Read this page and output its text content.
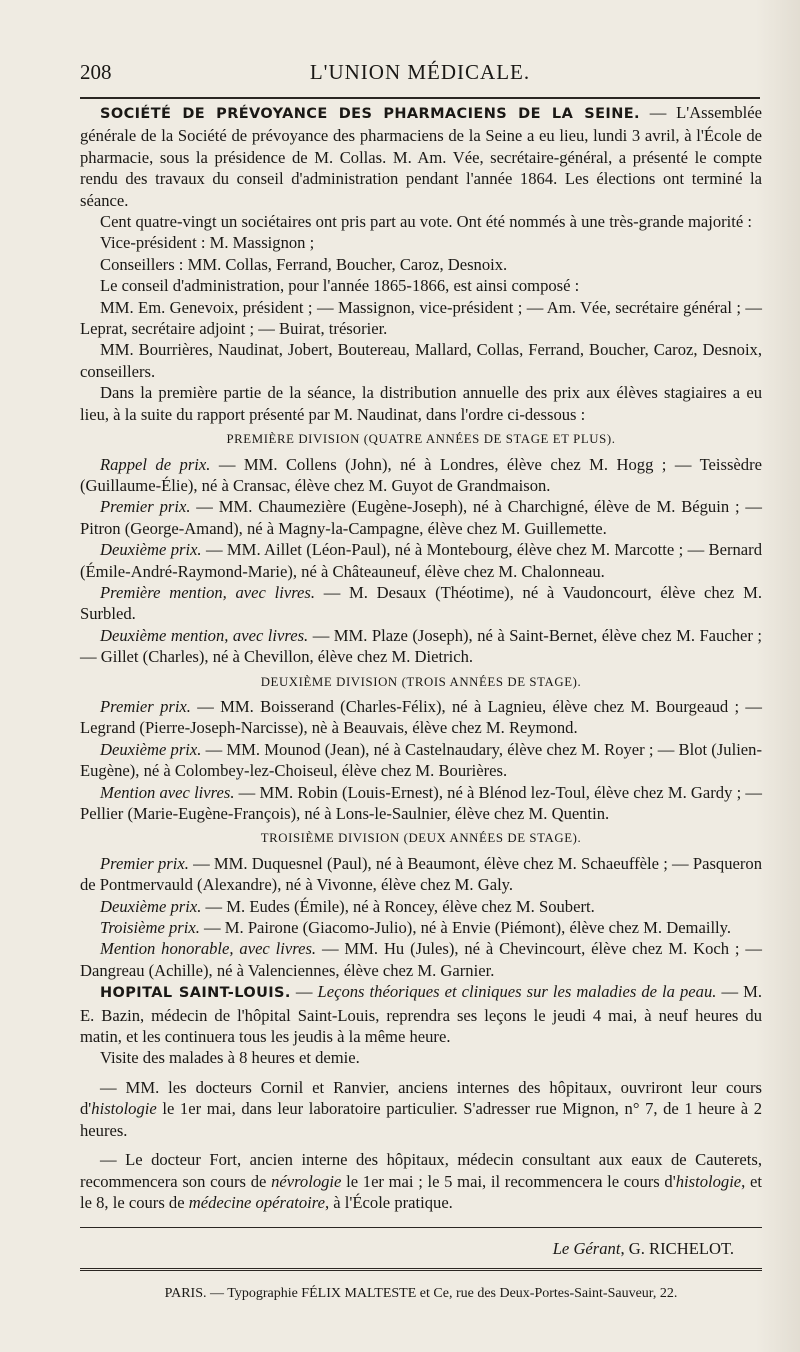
208	L'UNION MÉDICALE.

SOCIÉTÉ DE PRÉVOYANCE DES PHARMACIENS DE LA SEINE. — L'Assemblée générale de la Société de prévoyance des pharmaciens de la Seine a eu lieu, lundi 3 avril, à l'École de pharmacie, sous la présidence de M. Collas. M. Am. Vée, secrétaire-général, a présenté le compte rendu des travaux du conseil d'administration pendant l'année 1864. Les élections ont terminé la séance.

Cent quatre-vingt un sociétaires ont pris part au vote. Ont été nommés à une très-grande majorité :

Vice-président : M. Massignon ;

Conseillers : MM. Collas, Ferrand, Boucher, Caroz, Desnoix.

Le conseil d'administration, pour l'année 1865-1866, est ainsi composé :

MM. Em. Genevoix, président ; — Massignon, vice-président ; — Am. Vée, secrétaire général ; — Leprat, secrétaire adjoint ; — Buirat, trésorier.

MM. Bourrières, Naudinat, Jobert, Boutereau, Mallard, Collas, Ferrand, Boucher, Caroz, Desnoix, conseillers.

Dans la première partie de la séance, la distribution annuelle des prix aux élèves stagiaires a eu lieu, à la suite du rapport présenté par M. Naudinat, dans l'ordre ci-dessous :

PREMIÈRE DIVISION (QUATRE ANNÉES DE STAGE ET PLUS).

Rappel de prix. — MM. Collens (John), né à Londres, élève chez M. Hogg ; — Teissèdre (Guillaume-Élie), né à Cransac, élève chez M. Guyot de Grandmaison.

Premier prix. — MM. Chaumezière (Eugène-Joseph), né à Charchigné, élève de M. Béguin ; — Pitron (George-Amand), né à Magny-la-Campagne, élève chez M. Guillemette.

Deuxième prix. — MM. Aillet (Léon-Paul), né à Montebourg, élève chez M. Marcotte ; — Bernard (Émile-André-Raymond-Marie), né à Châteauneuf, élève chez M. Chalonneau.

Première mention, avec livres. — M. Desaux (Théotime), né à Vaudoncourt, élève chez M. Surbled.

Deuxième mention, avec livres. — MM. Plaze (Joseph), né à Saint-Bernet, élève chez M. Faucher ; — Gillet (Charles), né à Chevillon, élève chez M. Dietrich.

DEUXIÈME DIVISION (TROIS ANNÉES DE STAGE).

Premier prix. — MM. Boisserand (Charles-Félix), né à Lagnieu, élève chez M. Bourgeaud ; — Legrand (Pierre-Joseph-Narcisse), nè à Beauvais, élève chez M. Reymond.

Deuxième prix. — MM. Mounod (Jean), né à Castelnaudary, élève chez M. Royer ; — Blot (Julien-Eugène), né à Colombey-lez-Choiseul, élève chez M. Bourières.

Mention avec livres. — MM. Robin (Louis-Ernest), né à Blénod lez-Toul, élève chez M. Gardy ; — Pellier (Marie-Eugène-François), né à Lons-le-Saulnier, élève chez M. Quentin.

TROISIÈME DIVISION (DEUX ANNÉES DE STAGE).

Premier prix. — MM. Duquesnel (Paul), né à Beaumont, élève chez M. Schaeuffèle ; — Pasqueron de Pontmervauld (Alexandre), né à Vivonne, élève chez M. Galy.

Deuxième prix. — M. Eudes (Émile), né à Roncey, élève chez M. Soubert.

Troisième prix. — M. Pairone (Giacomo-Julio), né à Envie (Piémont), élève chez M. Demailly.

Mention honorable, avec livres. — MM. Hu (Jules), né à Chevincourt, élève chez M. Koch ; — Dangreau (Achille), né à Valenciennes, élève chez M. Garnier.

HOPITAL SAINT-LOUIS. — Leçons théoriques et cliniques sur les maladies de la peau. — M. E. Bazin, médecin de l'hôpital Saint-Louis, reprendra ses leçons le jeudi 4 mai, à neuf heures du matin, et les continuera tous les jeudis à la même heure.

Visite des malades à 8 heures et demie.

— MM. les docteurs Cornil et Ranvier, anciens internes des hôpitaux, ouvriront leur cours d'histologie le 1er mai, dans leur laboratoire particulier. S'adresser rue Mignon, n° 7, de 1 heure à 2 heures.

— Le docteur Fort, ancien interne des hôpitaux, médecin consultant aux eaux de Cauterets, recommencera son cours de névrologie le 1er mai ; le 5 mai, il recommencera le cours d'histologie, et le 8, le cours de médecine opératoire, à l'École pratique.

Le Gérant, G. RICHELOT.
PARIS. — Typographie FÉLIX MALTESTE et Ce, rue des Deux-Portes-Saint-Sauveur, 22.
